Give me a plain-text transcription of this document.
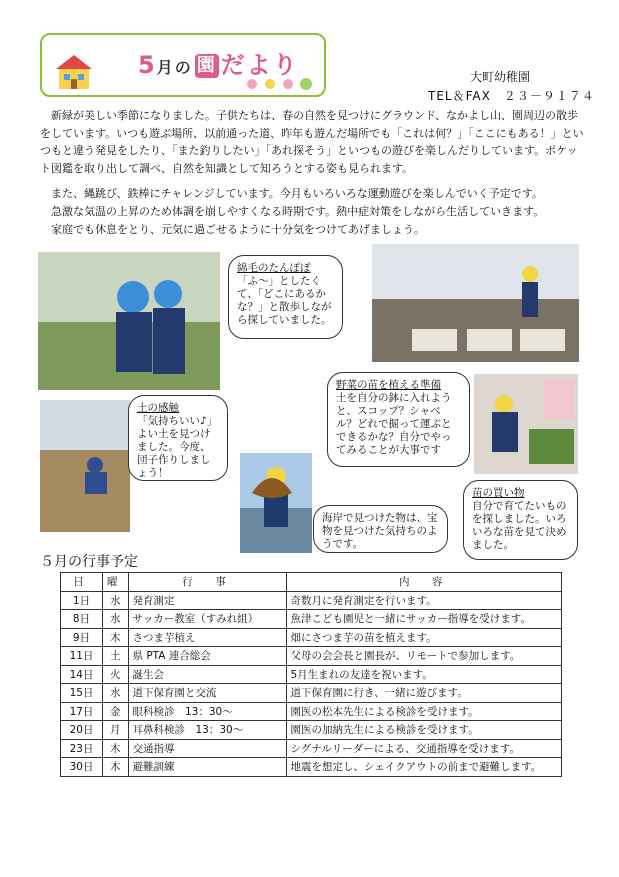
5月の 園 だより	大町幼稚園
TEL＆FAX　２３－９１７４

新緑が美しい季節になりました。子供たちは、春の自然を見つけにグラウンド、なかよし山、園周辺の散歩をしています。いつも遊ぶ場所、以前通った道、昨年も遊んだ場所でも「これは何？」「ここにもある！」といつもと違う発見をしたり、「また釣りしたい」「あれ探そう」といつもの遊びを楽しんだりしています。ポケット図鑑を取り出して調べ、自然を知識として知ろうとする姿も見られます。

また、縄跳び、鉄棒にチャレンジしています。今月もいろいろな運動遊びを楽しんでいく予定です。

急激な気温の上昇のため体調を崩しやすくなる時期です。熱中症対策をしながら生活していきます。

家庭でも休息をとり、元気に過ごせるように十分気をつけてあげましょう。

綿毛のたんぽぽ
「ふ～」としたくて、「どこにあるかな？」と散歩しながら探していました。
野菜の苗を植える準備
土を自分の鉢に入れようと、スコップ？シャベル？どれで掘って運ぶとできるかな？自分でやってみることが大事です
土の感触
「気持ちいい♪」よい土を見つけました。今度、団子作りしましょう！
海岸で見つけた物は、宝物を見つけた気持ちのようです。
苗の買い物
自分で育てたいものを探しました。いろいろな苗を見て決めました。
５月の行事予定
日	曜	行　事	内　容
1日	水	発育測定	奇数月に発育測定を行います。
8日	水	サッカー教室（すみれ組）	魚津こども園児と一緒にサッカー指導を受けます。
9日	木	さつま芋植え	畑にさつま芋の苗を植えます。
11日	土	県 PTA 連合総会	父母の会会長と園長が、リモートで参加します。
14日	火	誕生会	5月生まれの友達を祝います。
15日	水	道下保育園と交流	道下保育園に行き、一緒に遊びます。
17日	金	眼科検診　13：30～	園医の松本先生による検診を受けます。
20日	月	耳鼻科検診　13：30～	園医の加納先生による検診を受けます。
23日	木	交通指導	シグナルリーダーによる、交通指導を受けます。
30日	木	避難訓練	地震を想定し、シェイクアウトの前まで避難します。
